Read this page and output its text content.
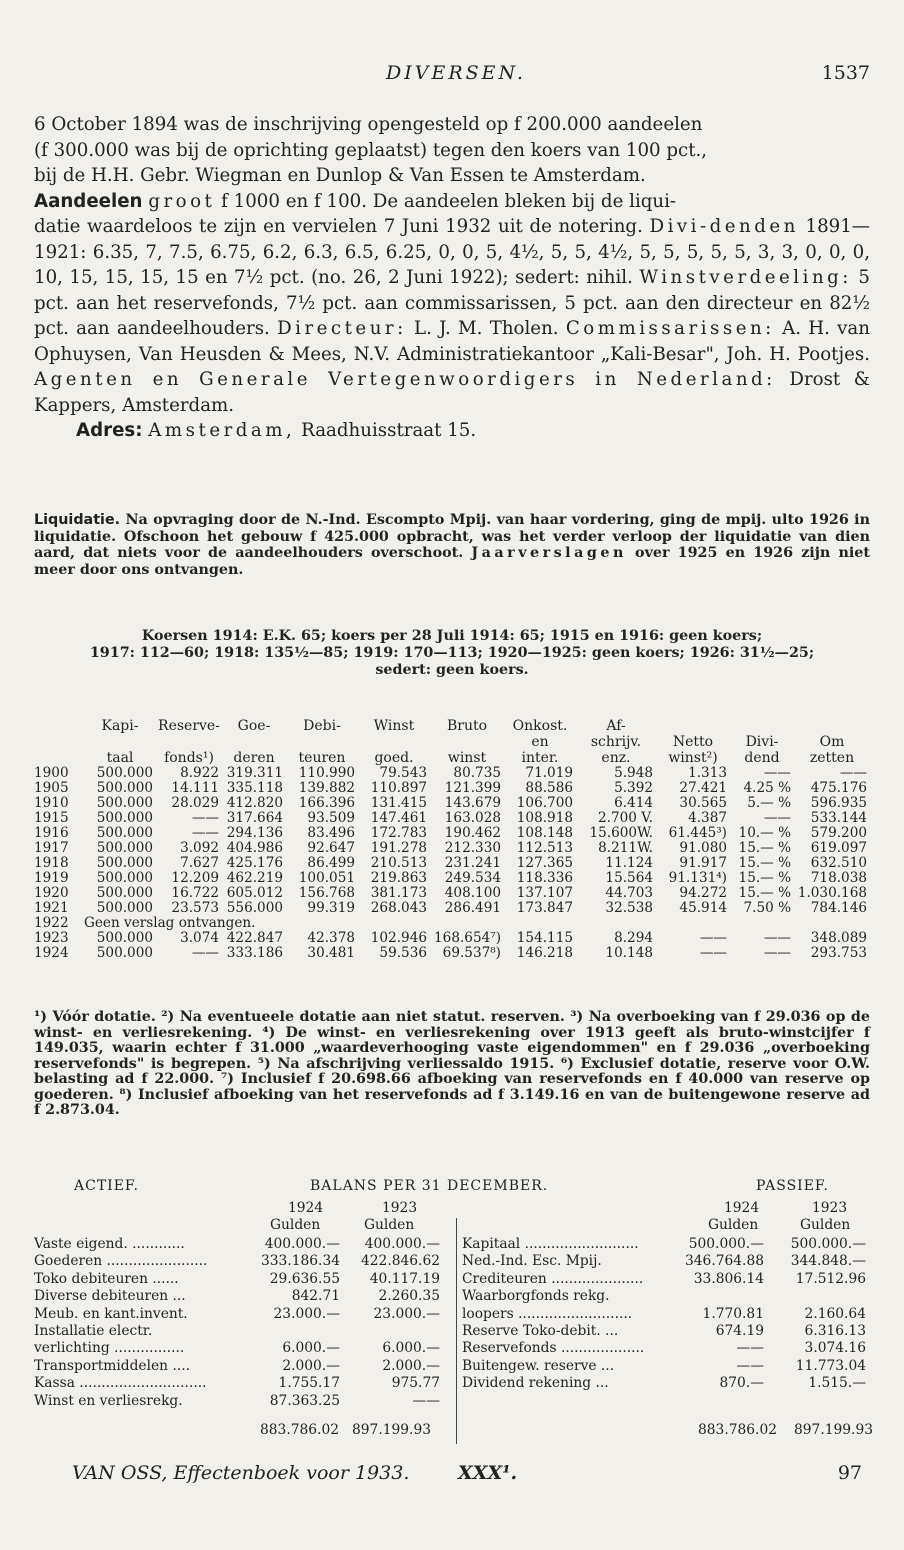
DIVERSEN.	1537

6 October 1894 was de inschrijving opengesteld op f 200.000 aandeelen

(f 300.000 was bij de oprichting geplaatst) tegen den koers van 100 pct.,

bij de H.H. Gebr. Wiegman en Dunlop & Van Essen te Amsterdam.

Aandeelen groot f 1000 en f 100. De aandeelen bleken bij de liqui-

datie waardeloos te zijn en vervielen 7 Juni 1932 uit de notering. Divi-denden 1891—1921: 6.35, 7, 7.5, 6.75, 6.2, 6.3, 6.5, 6.25, 0, 0, 5, 4½, 5, 5, 4½, 5, 5, 5, 5, 5, 3, 3, 0, 0, 0, 10, 15, 15, 15, 15 en 7½ pct. (no. 26, 2 Juni 1922); sedert: nihil. Winstverdeeling: 5 pct. aan het reservefonds, 7½ pct. aan commissarissen, 5 pct. aan den directeur en 82½ pct. aan aandeelhouders. Directeur: L. J. M. Tholen. Commissarissen: A. H. van Ophuysen, Van Heusden & Mees, N.V. Administratiekantoor „Kali-Besar", Joh. H. Pootjes. Agenten en Generale Vertegenwoordigers in Nederland: Drost & Kappers, Amsterdam.

Adres: Amsterdam, Raadhuisstraat 15.

Liquidatie. Na opvraging door de N.-Ind. Escompto Mpij. van haar vordering, ging de mpij. ulto 1926 in liquidatie. Ofschoon het gebouw f 425.000 opbracht, was het verder verloop der liquidatie van dien aard, dat niets voor de aandeelhouders overschoot. Jaarverslagen over 1925 en 1926 zijn niet meer door ons ontvangen.

Koersen 1914: E.K. 65; koers per 28 Juli 1914: 65; 1915 en 1916: geen koers;
1917: 112—60; 1918: 135½—85; 1919: 170—113; 1920—1925: geen koers; 1926: 31½—25;
sedert: geen koers.
	Kapi-	Reserve-	Goe-	Debi-	Winst	Bruto	Onkost.	Af-			
							en	schrijv.	Netto	Divi-	Om
	taal	fonds¹)	deren	teuren	goed.	winst	inter.	enz.	winst²)	dend	zetten
1900	500.000	8.922	319.311	110.990	79.543	80.735	71.019	5.948	1.313	——	——
1905	500.000	14.111	335.118	139.882	110.897	121.399	88.586	5.392	27.421	4.25 %	475.176
1910	500.000	28.029	412.820	166.396	131.415	143.679	106.700	6.414	30.565	5.— %	596.935
1915	500.000	——	317.664	93.509	147.461	163.028	108.918	2.700 V.	4.387	——	533.144
1916	500.000	——	294.136	83.496	172.783	190.462	108.148	15.600W.	61.445³)	10.— %	579.200
1917	500.000	3.092	404.986	92.647	191.278	212.330	112.513	8.211W.	91.080	15.— %	619.097
1918	500.000	7.627	425.176	86.499	210.513	231.241	127.365	11.124	91.917	15.— %	632.510
1919	500.000	12.209	462.219	100.051	219.863	249.534	118.336	15.564	91.131⁴)	15.— %	718.038
1920	500.000	16.722	605.012	156.768	381.173	408.100	137.107	44.703	94.272	15.— %	1.030.168
1921	500.000	23.573	556.000	99.319	268.043	286.491	173.847	32.538	45.914	7.50 %	784.146
1922	Geen verslag ontvangen.										
1923	500.000	3.074	422.847	42.378	102.946	168.654⁷)	154.115	8.294	——	——	348.089
1924	500.000	——	333.186	30.481	59.536	69.537⁸)	146.218	10.148	——	——	293.753

¹) Vóór dotatie. ²) Na eventueele dotatie aan niet statut. reserven. ³) Na overboeking van f 29.036 op de winst- en verliesrekening. ⁴) De winst- en verliesrekening over 1913 geeft als bruto-winstcijfer f 149.035, waarin echter f 31.000 „waardeverhooging vaste eigendommen" en f 29.036 „overboeking reservefonds" is begrepen. ⁵) Na afschrijving verliessaldo 1915. ⁶) Exclusief dotatie, reserve voor O.W. belasting ad f 22.000. ⁷) Inclusief f 20.698.66 afboeking van reservefonds en f 40.000 van reserve op goederen. ⁸) Inclusief afboeking van het reservefonds ad f 3.149.16 en van de buitengewone reserve ad f 2.873.04.

ACTIEF.	BALANS PER 31 DECEMBER.	PASSIEF.
1924	1923	1924	1923
Gulden	Gulden	Gulden	Gulden
Vaste eigend. ............	400.000.—	400.000.—
Goederen .......................	333.186.34	422.846.62
Toko debiteuren ......	29.636.55	40.117.19
Diverse debiteuren ...	842.71	2.260.35
Meub. en kant.invent.	23.000.—	23.000.—
Installatie electr.		
verlichting ................	6.000.—	6.000.—
Transportmiddelen ....	2.000.—	2.000.—
Kassa .............................	1.755.17	975.77
Winst en verliesrekg.	87.363.25	——
Kapitaal ..........................	500.000.—	500.000.—
Ned.-Ind. Esc. Mpij.	346.764.88	344.848.—
Crediteuren .....................	33.806.14	17.512.96
Waarborgfonds rekg.		
loopers ..........................	1.770.81	2.160.64
Reserve Toko-debit. ...	674.19	6.316.13
Reservefonds ...................	——	3.074.16
Buitengew. reserve ...	——	11.773.04
Dividend rekening ...	870.—	1.515.—
883.786.02 897.199.93	883.786.02 897.199.93
VAN OSS, Effectenboek voor 1933.	XXX¹.	97
